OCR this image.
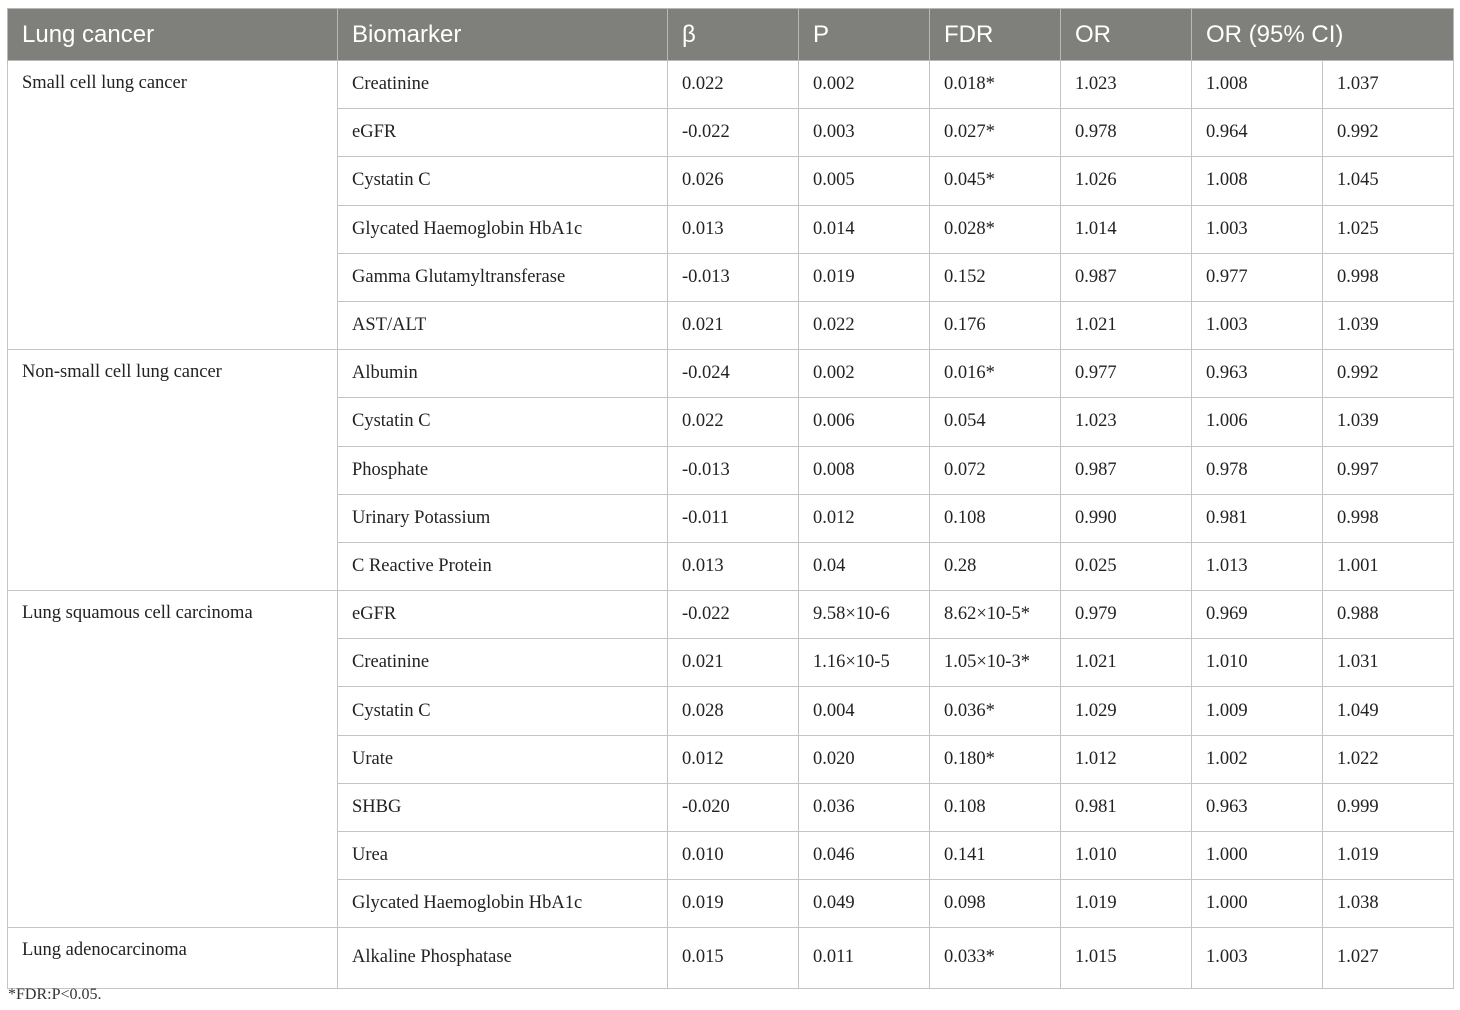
Lung cancer	Biomarker	β	P	FDR	OR	OR (95% CI)	
Small cell lung cancer	Creatinine	0.022	0.002	0.018*	1.023	1.008	1.037
	eGFR	-0.022	0.003	0.027*	0.978	0.964	0.992
	Cystatin C	0.026	0.005	0.045*	1.026	1.008	1.045
	Glycated Haemoglobin HbA1c	0.013	0.014	0.028*	1.014	1.003	1.025
	Gamma Glutamyltransferase	-0.013	0.019	0.152	0.987	0.977	0.998
	AST/ALT	0.021	0.022	0.176	1.021	1.003	1.039
Non-small cell lung cancer	Albumin	-0.024	0.002	0.016*	0.977	0.963	0.992
	Cystatin C	0.022	0.006	0.054	1.023	1.006	1.039
	Phosphate	-0.013	0.008	0.072	0.987	0.978	0.997
	Urinary Potassium	-0.011	0.012	0.108	0.990	0.981	0.998
	C Reactive Protein	0.013	0.04	0.28	0.025	1.013	1.001
Lung squamous cell carcinoma	eGFR	-0.022	9.58×10-6	8.62×10-5*	0.979	0.969	0.988
	Creatinine	0.021	1.16×10-5	1.05×10-3*	1.021	1.010	1.031
	Cystatin C	0.028	0.004	0.036*	1.029	1.009	1.049
	Urate	0.012	0.020	0.180*	1.012	1.002	1.022
	SHBG	-0.020	0.036	0.108	0.981	0.963	0.999
	Urea	0.010	0.046	0.141	1.010	1.000	1.019
	Glycated Haemoglobin HbA1c	0.019	0.049	0.098	1.019	1.000	1.038
Lung adenocarcinoma	Alkaline Phosphatase	0.015	0.011	0.033*	1.015	1.003	1.027
*FDR:P<0.05.
